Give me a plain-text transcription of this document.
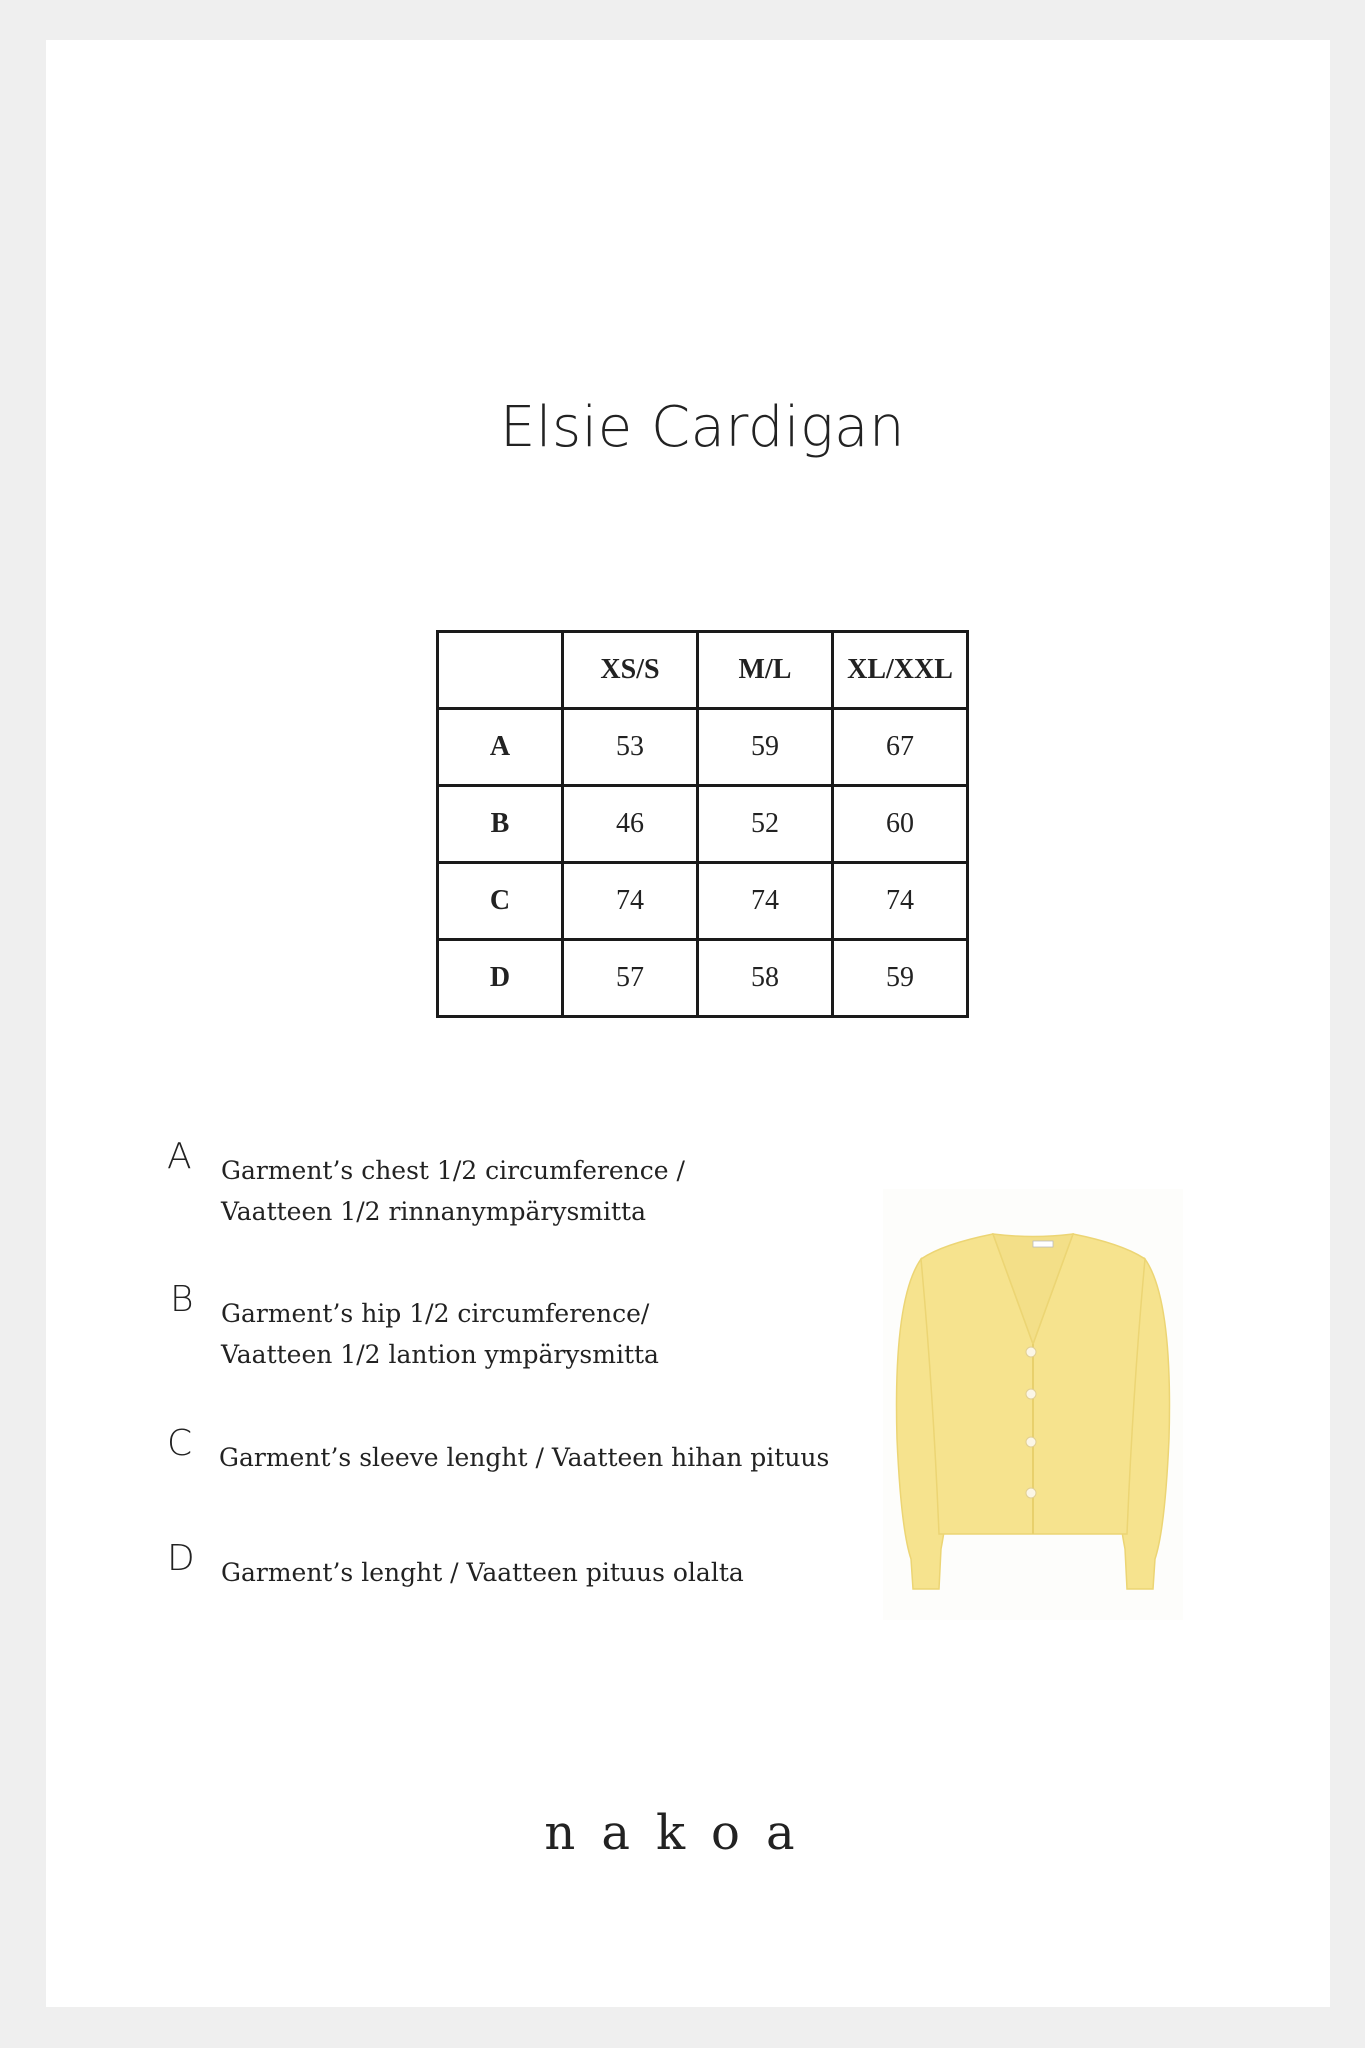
Elsie Cardigan
	XS/S	M/L	XL/XXL
A	53	59	67
B	46	52	60
C	74	74	74
D	57	58	59
A Garment’s chest 1/2 circumference /
Vaatteen 1/2 rinnanympärysmitta
B Garment’s hip 1/2 circumference/
Vaatteen 1/2 lantion ympärysmitta
C Garment’s sleeve lenght / Vaatteen hihan pituus
D Garment’s lenght / Vaatteen pituus olalta
nakoa
